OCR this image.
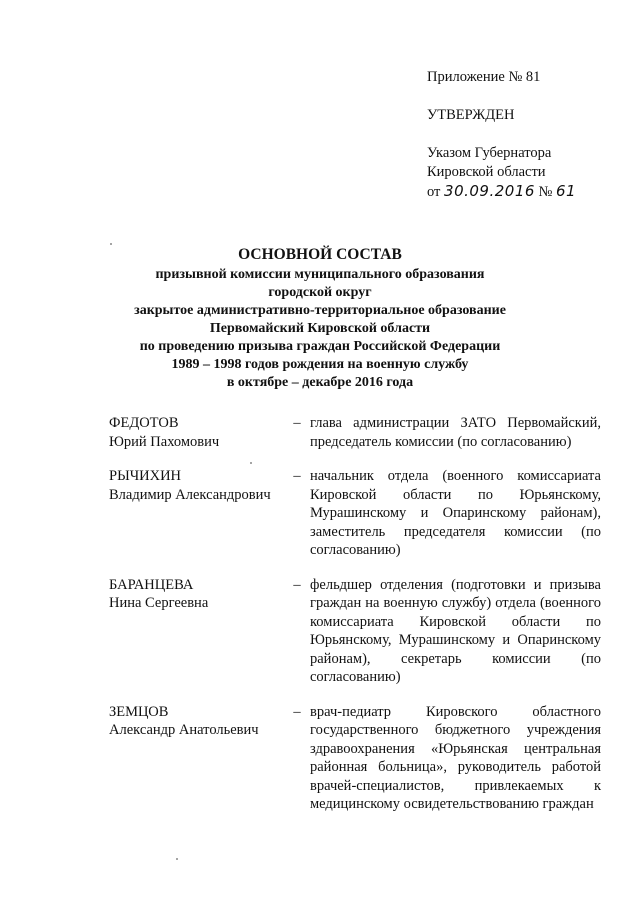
Приложение № 81
УТВЕРЖДЕН
Указом Губернатора
Кировской области
от 30.09.2016 № 61
ОСНОВНОЙ СОСТАВ
призывной комиссии муниципального образования
городской округ
закрытое административно-территориальное образование
Первомайский Кировской области
по проведению призыва граждан Российской Федерации
1989 – 1998 годов рождения на военную службу
в октябре – декабре 2016 года
ФЕДОТОВ
Юрий Пахомович
– глава администрации ЗАТО Первомайский, председатель комиссии (по согласованию)
РЫЧИХИН
Владимир Александрович
– начальник отдела (военного комиссариата Кировской области по Юрьянскому, Мурашинскому и Опаринскому районам), заместитель председателя комиссии (по согласованию)
БАРАНЦЕВА
Нина Сергеевна
– фельдшер отделения (подготовки и призыва граждан на военную службу) отдела (военного комиссариата Кировской области по Юрьянскому, Мурашинскому и Опаринскому районам), секретарь комиссии (по согласованию)
ЗЕМЦОВ
Александр Анатольевич
– врач-педиатр Кировского областного государственного бюджетного учреждения здравоохранения «Юрьянская центральная районная больница», руководитель работой врачей-специалистов, привлекаемых к медицинскому освидетельствованию граждан
